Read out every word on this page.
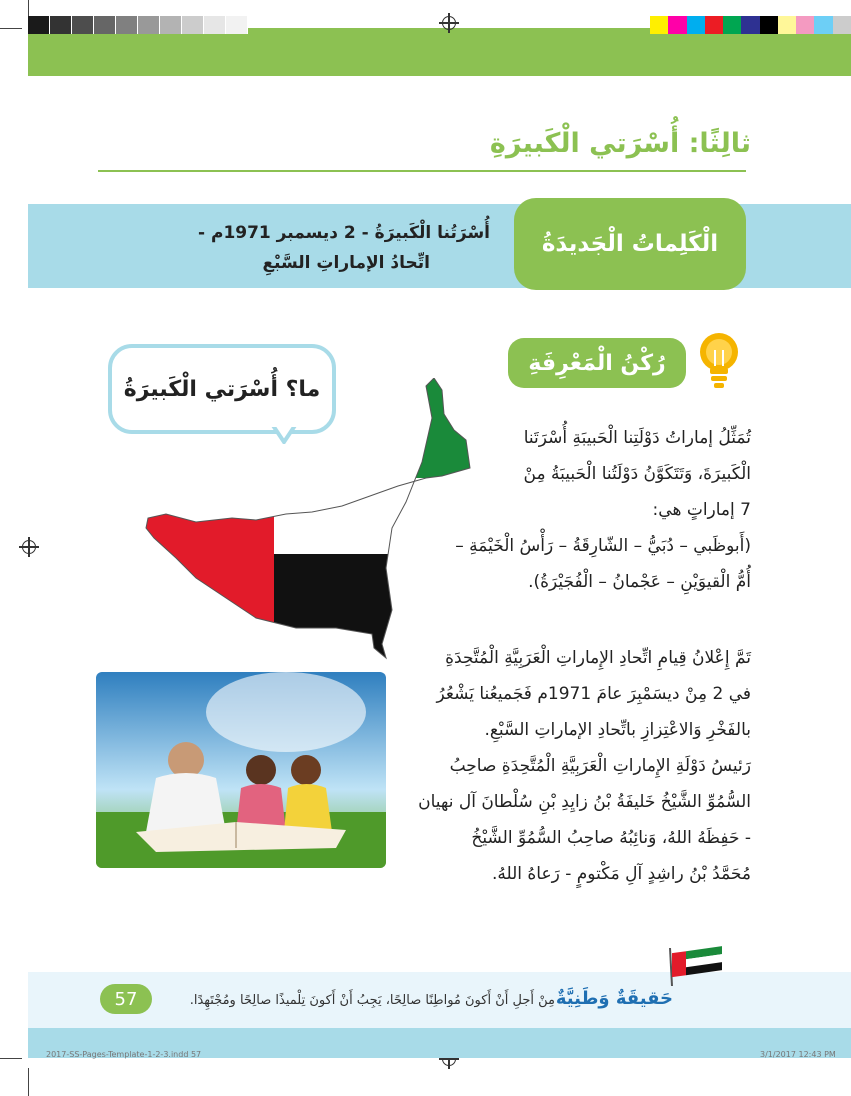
ثالِثًا: أُسْرَتي الْكَبيرَةِ
الْكَلِماتُ الْجَديدَةُ
أُسْرَتُنا الْكَبيرَةُ - 2 ديسمبر 1971م -
اتِّحادُ الإماراتِ السَّبْعِ
رُكْنُ الْمَعْرِفَةِ
ما؟ أُسْرَتي الْكَبيرَةُ

تُمَثِّلُ إماراتُ دَوْلَتِنا الْحَبيبَةِ أُسْرَتَنا

الْكَبيرَةَ، وَتَتَكَوَّنُ دَوْلَتُنا الْحَبيبَةُ مِنْ

7 إماراتٍ هي:

(أَبوظَبي – دُبَيُّ – الشّارِقَةُ – رَأْسُ الْخَيْمَةِ –

أُمُّ الْقيوَيْنِ – عَجْمانُ – الْفُجَيْرَةُ).

تَمَّ إِعْلانُ قِيامِ اتِّحادِ الإِماراتِ الْعَرَبِيَّةِ الْمُتَّحِدَةِ

في 2 مِنْ ديسَمْبِرَ عامَ 1971م فَجَميعُنا يَشْعُرُ

بالفَخْرِ وَالاعْتِزازِ باتِّحادِ الإماراتِ السَّبْعِ.

رَئيسُ دَوْلَةِ الإِماراتِ الْعَرَبِيَّةِ الْمُتَّحِدَةِ صاحِبُ

السُّمُوِّ الشَّيْخُ خَليفَةُ بْنُ زايِدِ بْنِ سُلْطانَ آل نهيان

- حَفِظَهُ اللهُ، وَنائِبُهُ صاحِبُ السُّمُوِّ الشَّيْخُ

مُحَمَّدُ بْنُ راشِدٍ آلِ مَكْتومٍ - رَعاهُ اللهُ.

حَقيقَةٌ وَطَنِيَّةٌ
مِنْ أَجلِ أَنْ أَكونَ مُواطِنًا صالِحًا، يَجِبُ أَنْ أَكونَ تِلْميذًا صالِحًا ومُجْتَهِدًا.
57
2017-SS-Pages-Template-1-2-3.indd 57	3/1/2017 12:43 PM
